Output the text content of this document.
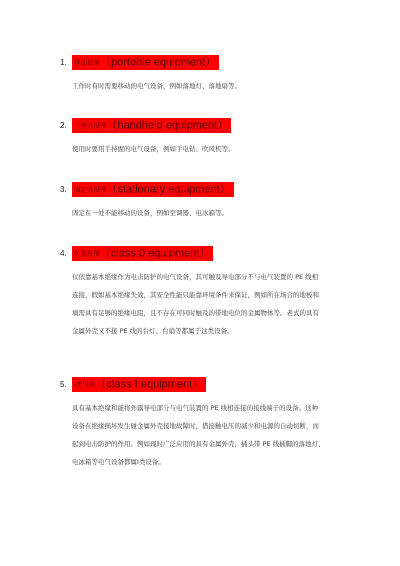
1.	移动设备（portoble equipment）
工作时有时需要移动的电气设备，例如落地灯、落地扇等。
2.	手持式设备（handheld equipment）
使用时要用手持握的电气设备，例如手电钻、吹风机等。
3.	固定式设备（stationary equipment）
固定在一处不能移动的设备，例如空调器、电冰箱等。
4.	0 类设备（class 0 equipment）
仅依靠基本绝缘作为电击防护的电气设备，其可触及导电部分不与电气装置的 PE 线相
连接，假如基本绝缘失效，其安全性能只能靠环境条件来保证，例如所在场合的地板和
墙需具有足够的绝缘电阻，且不存在可同时触及的带地电位的金属物体等。老式的具有
金属外壳又不接 PE 线的台灯、台扇等都属于这类设备。
5.	Ⅰ类设备（class Ⅰ equipment）
具有基本绝缘和能将外露导电部分与电气装置的 PE 线相连接的接线端子的设备。这种
设备在绝缘损坏发生碰金属外壳接地故障时，借接触电压的减少和电源的自动切断，而
起到电击防护的作用。例如现时广泛应用的具有金属外壳，插头带 PE 线插脚的落地灯、
电冰箱等电气设备都属Ⅰ类设备。
